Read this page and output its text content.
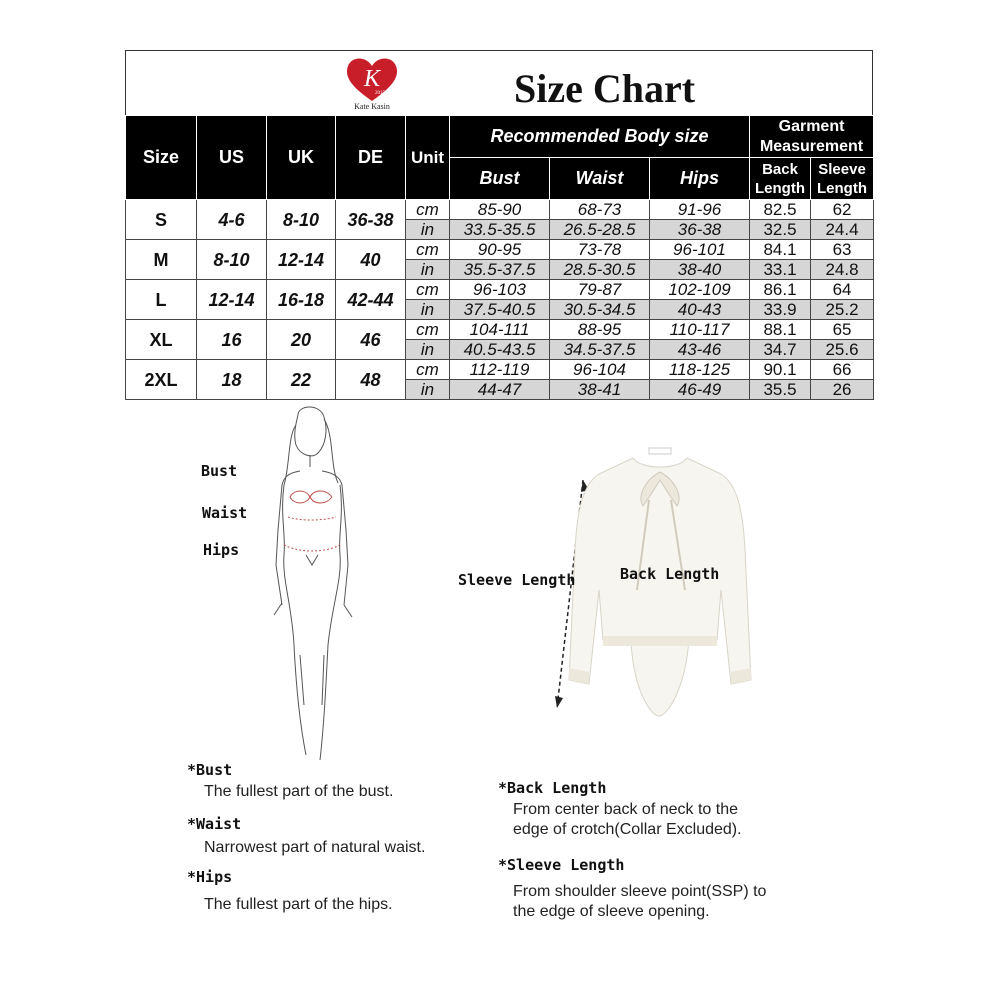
K
2015
Kate Kasin	Size Chart
Size	US	UK	DE	Unit	Recommended Body size			Garment Measurement	
					Bust	Waist	Hips	Back Length	Sleeve Length
S	4-6	8-10	36-38	cm	85-90	68-73	91-96	82.5	62
				in	33.5-35.5	26.5-28.5	36-38	32.5	24.4
M	8-10	12-14	40	cm	90-95	73-78	96-101	84.1	63
				in	35.5-37.5	28.5-30.5	38-40	33.1	24.8
L	12-14	16-18	42-44	cm	96-103	79-87	102-109	86.1	64
				in	37.5-40.5	30.5-34.5	40-43	33.9	25.2
XL	16	20	46	cm	104-111	88-95	110-117	88.1	65
				in	40.5-43.5	34.5-37.5	43-46	34.7	25.6
2XL	18	22	48	cm	112-119	96-104	118-125	90.1	66
				in	44-47	38-41	46-49	35.5	26
Bust
Waist
Hips
Sleeve Length	Back Length
*Bust
The fullest part of the bust.
*Waist
Narrowest part of natural waist.
*Hips
The fullest part of the hips.
*Back Length
From center back of neck to the
edge of crotch(Collar Excluded).
*Sleeve Length
From shoulder sleeve point(SSP) to
the edge of sleeve opening.
